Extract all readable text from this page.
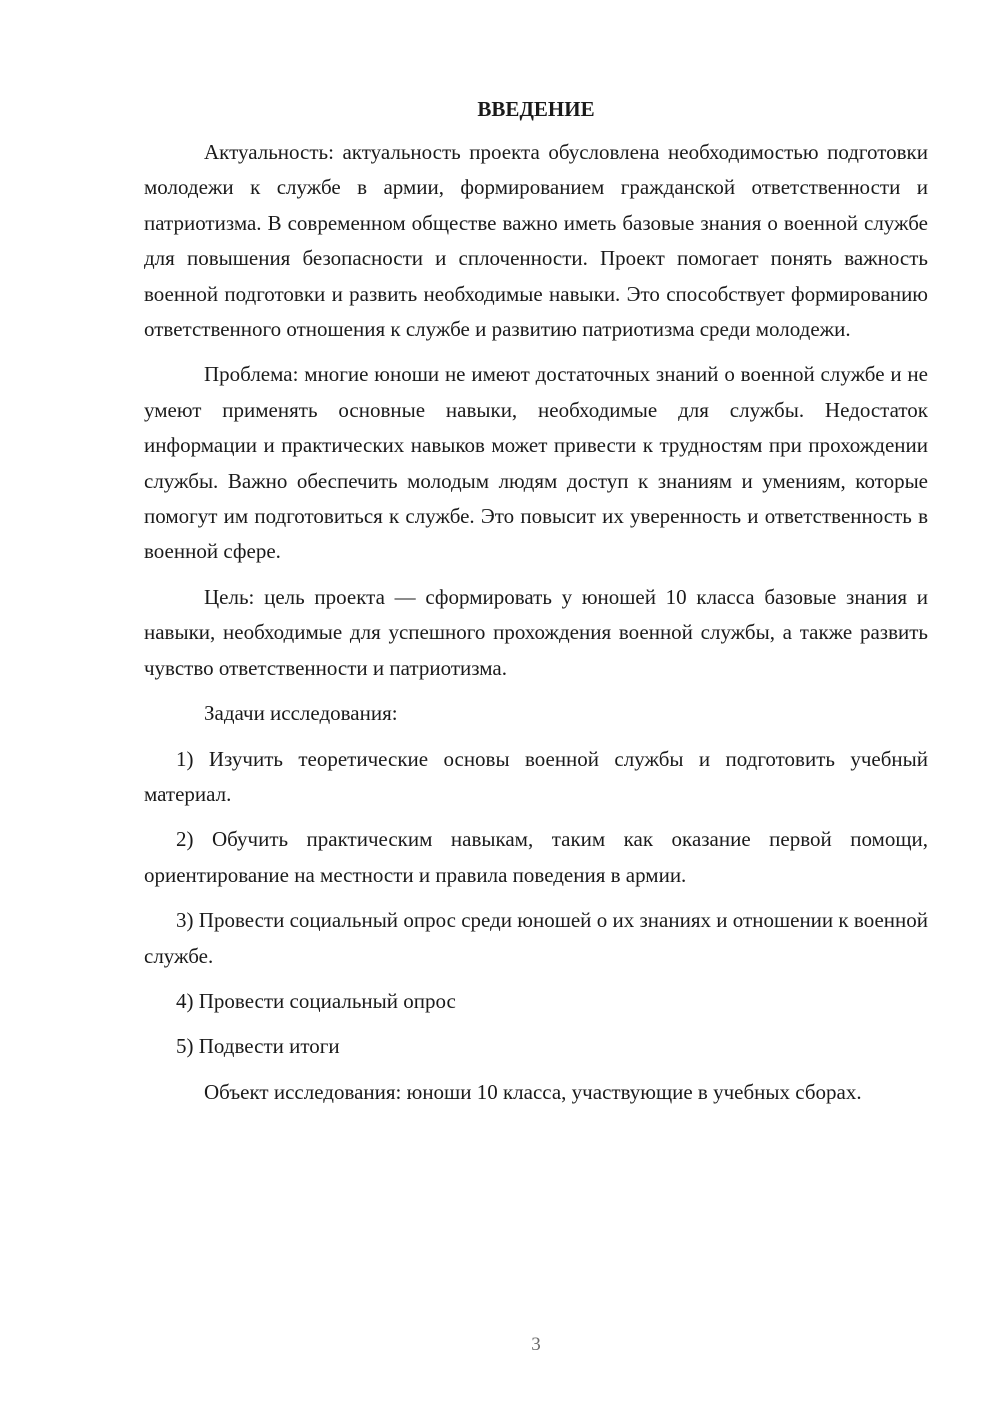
ВВЕДЕНИЕ

Актуальность: актуальность проекта обусловлена необходимостью подготовки молодежи к службе в армии, формированием гражданской ответственности и патриотизма. В современном обществе важно иметь базовые знания о военной службе для повышения безопасности и сплоченности. Проект помогает понять важность военной подготовки и развить необходимые навыки. Это способствует формированию ответственного отношения к службе и развитию патриотизма среди молодежи.

Проблема: многие юноши не имеют достаточных знаний о военной службе и не умеют применять основные навыки, необходимые для службы. Недостаток информации и практических навыков может привести к трудностям при прохождении службы. Важно обеспечить молодым людям доступ к знаниям и умениям, которые помогут им подготовиться к службе. Это повысит их уверенность и ответственность в военной сфере.

Цель: цель проекта — сформировать у юношей 10 класса базовые знания и навыки, необходимые для успешного прохождения военной службы, а также развить чувство ответственности и патриотизма.

Задачи исследования:

1) Изучить теоретические основы военной службы и подготовить учебный материал.

2) Обучить практическим навыкам, таким как оказание первой помощи, ориентирование на местности и правила поведения в армии.

3) Провести социальный опрос среди юношей о их знаниях и отношении к военной службе.

4) Провести социальный опрос

5) Подвести итоги

Объект исследования: юноши 10 класса, участвующие в учебных сборах.

3
